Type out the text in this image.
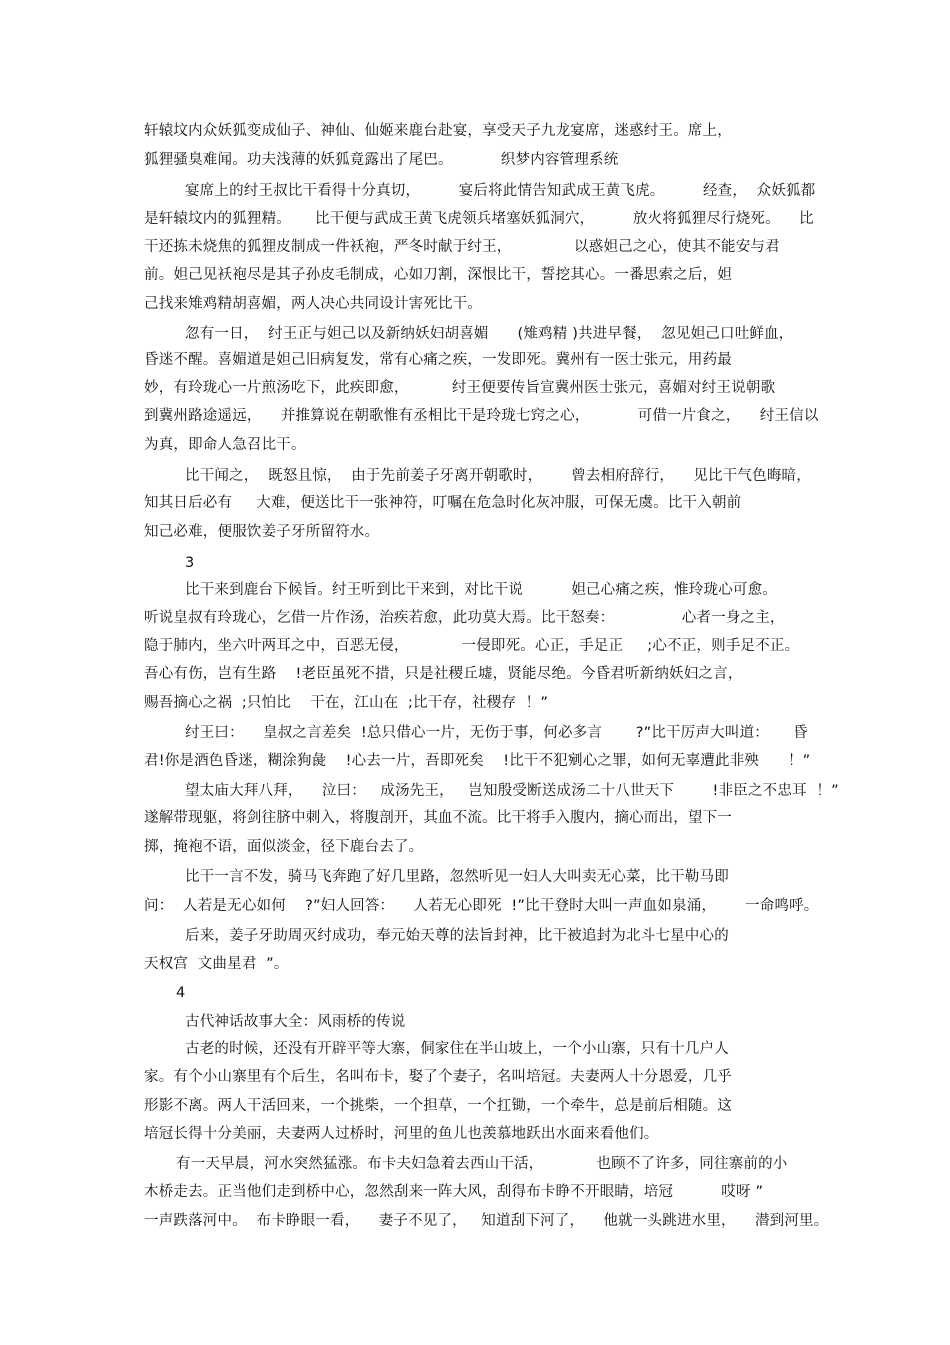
轩辕坟内众妖狐变成仙子、神仙、仙姬来鹿台赴宴，享受天子九龙宴席，迷惑纣王。席上，
狐狸骚臭难闻。功夫浅薄的妖狐竟露出了尾巴。          织梦内容管理系统
宴席上的纣王叔比干看得十分真切，        宴后将此情告知武成王黄飞虎。        经查，  众妖狐都
是轩辕坟内的狐狸精。     比干便与武成王黄飞虎领兵堵塞妖狐洞穴，        放火将狐狸尽行烧死。    比
干还拣未烧焦的狐狸皮制成一件袄袍，严冬时献于纣王，             以惑妲己之心，使其不能安与君
前。妲己见袄袍尽是其子孙皮毛制成，心如刀割，深恨比干，誓挖其心。一番思索之后，妲
己找来雉鸡精胡喜媚，两人决心共同设计害死比干。
忽有一日，  纣王正与妲己以及新纳妖妇胡喜媚      (雉鸡精 )共进早餐，  忽见妲己口吐鲜血，
昏迷不醒。喜媚道是妲己旧病复发，常有心痛之疾，一发即死。冀州有一医士张元，用药最
妙，有玲珑心一片煎汤吃下，此疾即愈，         纣王便要传旨宣冀州医士张元，喜媚对纣王说朝歌
到冀州路途遥远，    并推算说在朝歌惟有丞相比干是玲珑七窍之心，          可借一片食之，    纣王信以
为真，即命人急召比干。
比干闻之，  既怒且惊，  由于先前姜子牙离开朝歌时，      曾去相府辞行，    见比干气色晦暗，
知其日后必有     大难，便送比干一张神符，叮嘱在危急时化灰冲服，可保无虞。比干入朝前
知己必难，便服饮姜子牙所留符水。
3
比干来到鹿台下候旨。纣王听到比干来到，对比干说          妲己心痛之疾，惟玲珑心可愈。
听说皇叔有玲珑心，乞借一片作汤，治疾若愈，此功莫大焉。比干怒奏：              心者一身之主，
隐于肺内，坐六叶两耳之中，百恶无侵，           一侵即死。心正，手足正     ;心不正，则手足不正。
吾心有伤，岂有生路    !老臣虽死不措，只是社稷丘墟，贤能尽绝。今昏君听新纳妖妇之言，
赐吾摘心之祸  ;只怕比    干在，江山在  ;比干存，社稷存  ！”
纣王曰：    皇叔之言差矣  !总只借心一片，无伤于事，何必多言       ?”比干厉声大叫道：     昏
君!你是酒色昏迷，糊涂狗彘    !心去一片，吾即死矣    !比干不犯剜心之罪，如何无辜遭此非殃      ！”
望太庙大拜八拜，    泣曰：   成汤先王，   岂知殷受断送成汤二十八世天下        !非臣之不忠耳  ！”
遂解带现躯，将剑往脐中刺入，将腹剖开，其血不流。比干将手入腹内，摘心而出，望下一
掷，掩袍不语，面似淡金，径下鹿台去了。
比干一言不发，骑马飞奔跑了好几里路，忽然听见一妇人大叫卖无心菜，比干勒马即
问：  人若是无心如何    ?”妇人回答：    人若无心即死  !”比干登时大叫一声血如泉涌，      一命鸣呼。
后来，姜子牙助周灭纣成功，奉元始天尊的法旨封神，比干被追封为北斗七星中心的
天权宫  文曲星君  ”。
4
古代神话故事大全：风雨桥的传说
古老的时候，还没有开辟平等大寨，侗家住在半山坡上，一个小山寨，只有十几户人
家。有个小山寨里有个后生，名叫布卡，娶了个妻子，名叫培冠。夫妻两人十分恩爱，几乎
形影不离。两人干活回来，一个挑柴，一个担草，一个扛锄，一个牵牛，总是前后相随。这
培冠长得十分美丽，夫妻两人过桥时，河里的鱼儿也羡慕地跃出水面来看他们。
有一天早晨，河水突然猛涨。布卡夫妇急着去西山干活，           也顾不了许多，同往寨前的小
木桥走去。正当他们走到桥中心，忽然刮来一阵大风，刮得布卡睁不开眼睛，培冠          哎呀 ”
一声跌落河中。  布卡睁眼一看，    妻子不见了，   知道刮下河了，    他就一头跳进水里，    潜到河里。
